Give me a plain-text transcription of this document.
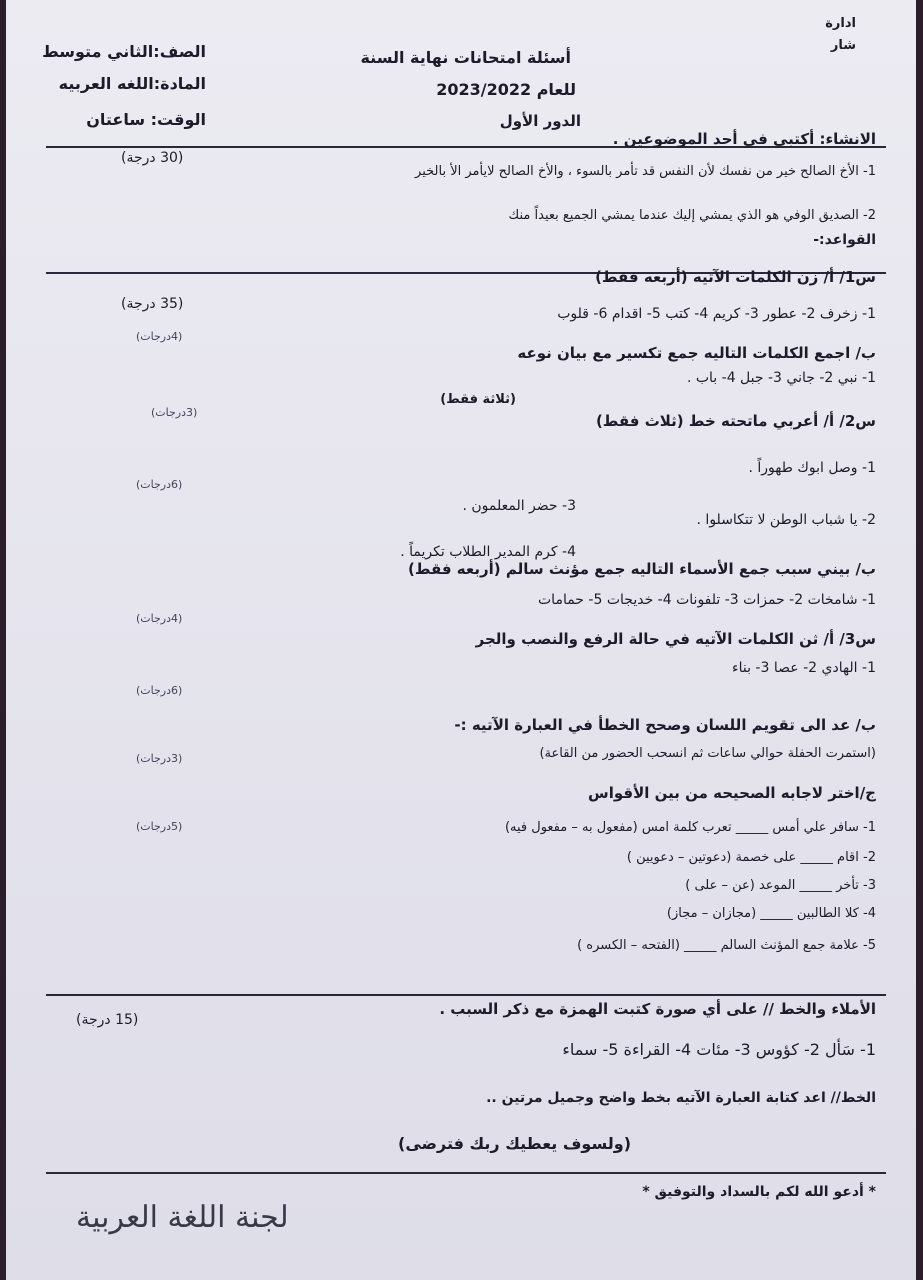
ادارة
شار
أسئلة امتحانات نهاية السنة
للعام 2023/2022
الدور الأول
الصف:الثاني متوسط
المادة:اللغه العربيه
الوقت: ساعتان
الانشاء: أكتبي في أحد الموضوعين .
(30 درجة)
1- الأخ الصالح خير من نفسك لأن النفس قد تأمر بالسوء ، والأخ الصالح لايأمر الأ بالخير
2- الصديق الوفي هو الذي يمشي إليك عندما يمشي الجميع بعيداً منك
القواعد:-
(35 درجة)
س1/ أ/ زن الكلمات الآتيه (أربعه فقط)
1- زخرف 2- عطور 3- كريم 4- كتب 5- اقدام 6- قلوب
(4درجات)
ب/ اجمع الكلمات التاليه جمع تكسير مع بيان نوعه
1- نبي 2- جاني 3- جبل 4- باب .
(ثلاثة فقط)
(3درجات)	س2/ أ/ أعربي ماتحته خط (ثلاث فقط)
1- وصل ابوك طهوراً .
(6درجات)
3- حضر المعلمون .
2- يا شباب الوطن لا تتكاسلوا .
4- كرم المدير الطلاب تكريماً .
ب/ بيني سبب جمع الأسماء التاليه جمع مؤنث سالم (أربعه فقط)
1- شامخات 2- حمزات 3- تلفونات 4- خديجات 5- حمامات
(4درجات)
س3/ أ/ ثن الكلمات الآتيه في حالة الرفع والنصب والجر
1- الهادي 2- عصا 3- بناء
(6درجات)
ب/ عد الى تقويم اللسان وصحح الخطأ في العبارة الآتيه :-
(استمرت الحفلة حوالي ساعات ثم انسحب الحضور من القاعة)
(3درجات)
ج/اختر لاجابه الصحيحه من بين الأقواس
(5درجات)	1- سافر علي أمس _____ تعرب كلمة امس (مفعول به – مفعول فيه)
2- اقام _____ على خصمة (دعوتين – دعويين )
3- تأخر _____ الموعد (عن – على )
4- كلا الطالبين _____ (مجازان – مجاز)
5- علامة جمع المؤنث السالم _____ (الفتحه – الكسره )
الأملاء والخط // على أي صورة كتبت الهمزة مع ذكر السبب .
(15 درجة)
1- سَأل 2- كؤوس 3- مئات 4- القراءة 5- سماء
الخط// اعد كتابة العبارة الآتيه بخط واضح وجميل مرتين ..
(ولسوف يعطيك ربك فترضى)
* أدعو الله لكم بالسداد والتوفيق *
لجنة اللغة العربية
